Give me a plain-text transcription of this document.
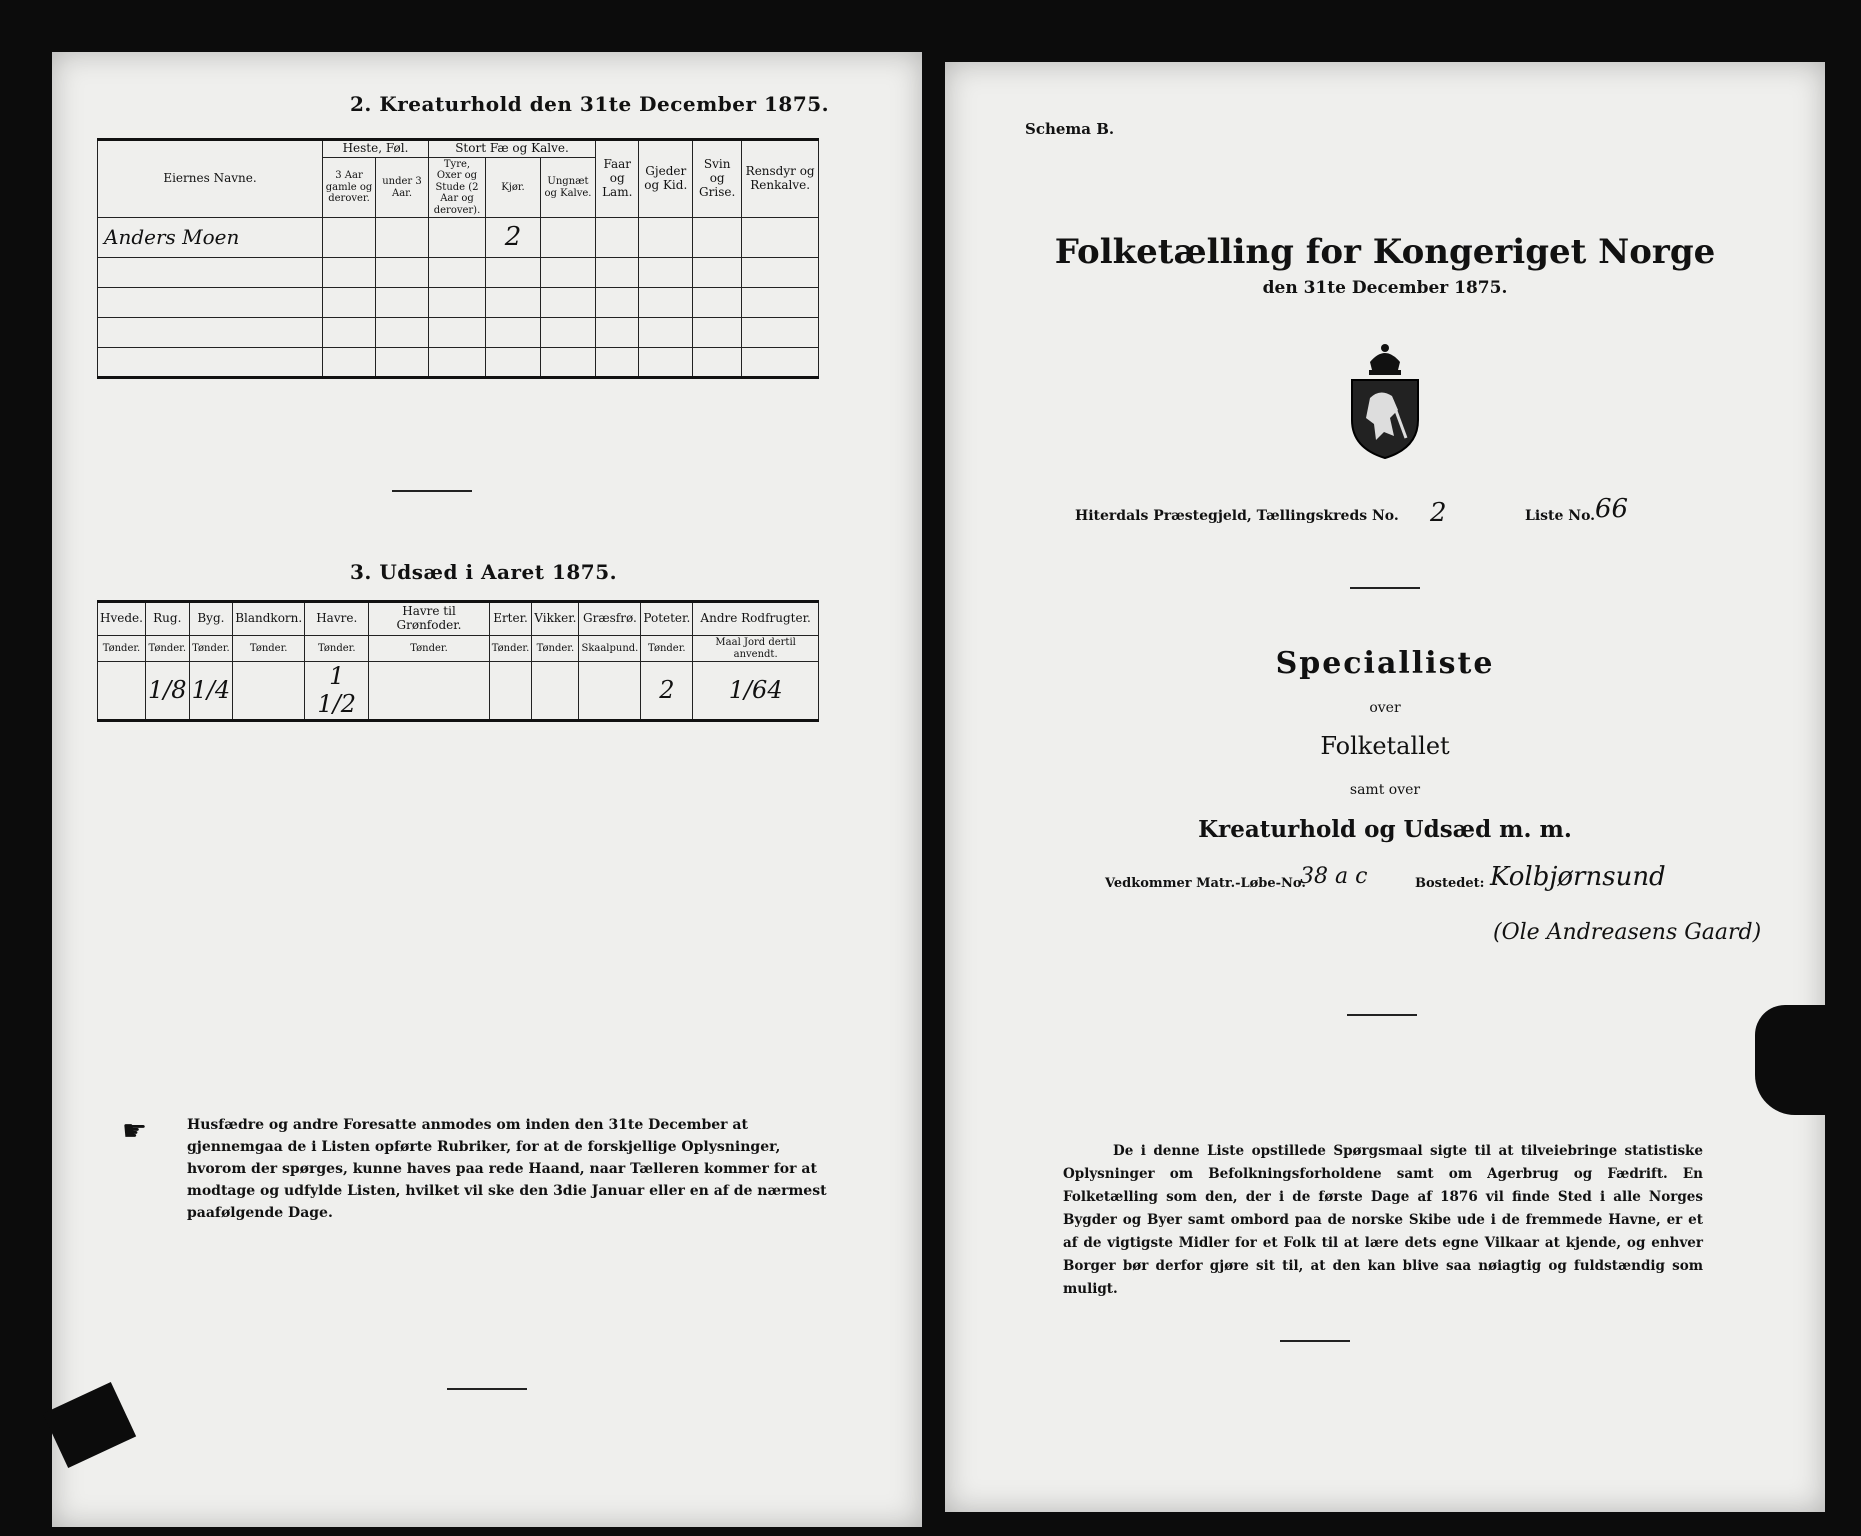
2. Kreaturhold den 31te December 1875.
Eiernes Navne.	Heste, Føl.		Stort Fæ og Kalve.			Faar og Lam.	Gjeder og Kid.	Svin og Grise.	Rensdyr og Renkalve.
	3 Aar gamle og derover.	under 3 Aar.	Tyre, Oxer og Stude (2 Aar og derover).	Kjør.	Ungnæt og Kalve.				
Anders Moen				2					

3. Udsæd i Aaret 1875.
Hvede.	Rug.	Byg.	Blandkorn.	Havre.	Havre til Grønfoder.	Erter.	Vikker.	Græsfrø.	Poteter.	Andre Rodfrugter.
Tønder.	Tønder.	Tønder.	Tønder.	Tønder.	Tønder.	Tønder.	Tønder.	Skaalpund.	Tønder.	Maal Jord dertil anvendt.
	1/8	1/4		1 1/2					2	1/64
Husfædre og andre Foresatte anmodes om inden den 31te December at gjennemgaa de i Listen opførte Rubriker, for at de forskjellige Oplysninger, hvorom der spørges, kunne haves paa rede Haand, naar Tælleren kommer for at modtage og udfylde Listen, hvilket vil ske den 3die Januar eller en af de nærmest paafølgende Dage.
☛
Schema B.
Folketælling for Kongeriget Norge
den 31te December 1875.
Hiterdals Præstegjeld, Tællingskreds No. 2	Liste No. 66
Specialliste
over
Folketallet
samt over
Kreaturhold og Udsæd m. m.
Vedkommer Matr.-Løbe-No.
38 a c	Bostedet: Kolbjørnsund
(Ole Andreasens Gaard)
De i denne Liste opstillede Spørgsmaal sigte til at tilveiebringe statistiske Oplysninger om Befolkningsforholdene samt om Agerbrug og Fædrift. En Folketælling som den, der i de første Dage af 1876 vil finde Sted i alle Norges Bygder og Byer samt ombord paa de norske Skibe ude i de fremmede Havne, er et af de vigtigste Midler for et Folk til at lære dets egne Vilkaar at kjende, og enhver Borger bør derfor gjøre sit til, at den kan blive saa nøiagtig og fuldstændig som muligt.
